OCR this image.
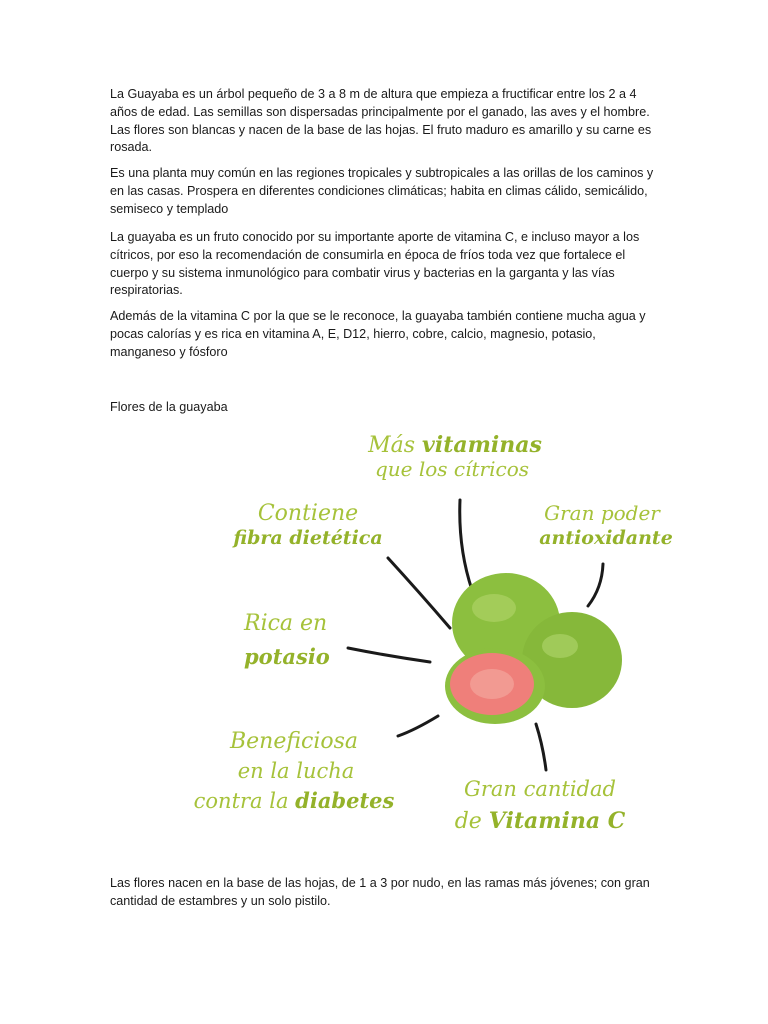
La Guayaba es un árbol pequeño de 3 a 8 m de altura que empieza a fructificar entre los 2 a 4 años de edad. Las semillas son dispersadas principalmente por el ganado, las aves y el hombre. Las flores son blancas y nacen de la base de las hojas. El fruto maduro es amarillo y su carne es rosada.

Es una planta muy común en las regiones tropicales y subtropicales a las orillas de los caminos y en las casas. Prospera en diferentes condiciones climáticas; habita en climas cálido, semicálido, semiseco y templado

La guayaba es un fruto conocido por su importante aporte de vitamina C, e incluso mayor a los cítricos, por eso la recomendación de consumirla en época de fríos toda vez que fortalece el cuerpo y su sistema inmunológico para combatir virus y bacterias en la garganta y las vías respiratorias.

Además de la vitamina C por la que se le reconoce, la guayaba también contiene mucha agua y pocas calorías y es rica en vitamina A, E, D12, hierro, cobre, calcio, magnesio, potasio, manganeso y fósforo

Flores de la guayaba

Más vitaminas
que los cítricos
Gran poder
antioxidante
Contiene
fibra dietética
Rica en
potasio
Beneficiosa
en la lucha
contra la diabetes	Gran cantidad
de Vitamina C

Las flores nacen en la base de las hojas, de 1 a 3 por nudo, en las ramas más jóvenes; con gran cantidad de estambres y un solo pistilo.
